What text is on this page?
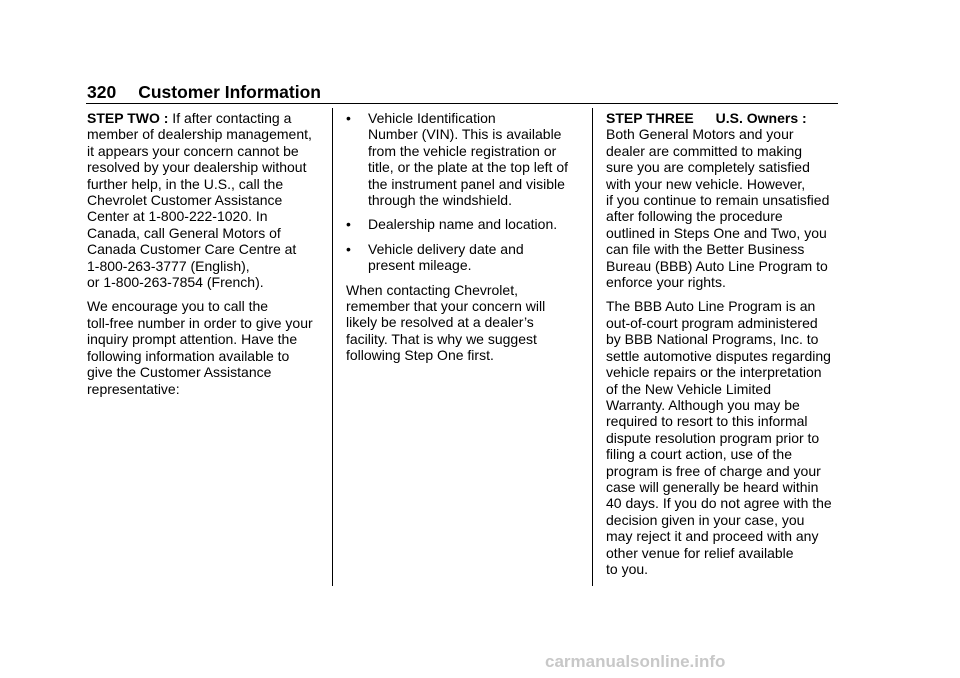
320 Customer Information

STEP TWO : If after contacting a
member of dealership management,
it appears your concern cannot be
resolved by your dealership without
further help, in the U.S., call the
Chevrolet Customer Assistance
Center at 1-800-222-1020. In
Canada, call General Motors of
Canada Customer Care Centre at
1-800-263-3777 (English),
or 1-800-263-7854 (French).

We encourage you to call the
toll-free number in order to give your
inquiry prompt attention. Have the
following information available to
give the Customer Assistance
representative:

• Vehicle Identification
Number (VIN). This is available
from the vehicle registration or
title, or the plate at the top left of
the instrument panel and visible
through the windshield.
• Dealership name and location.
• Vehicle delivery date and
present mileage.

When contacting Chevrolet,
remember that your concern will
likely be resolved at a dealer’s
facility. That is why we suggest
following Step One first.

STEP THREE U.S. Owners :
Both General Motors and your
dealer are committed to making
sure you are completely satisfied
with your new vehicle. However,
if you continue to remain unsatisfied
after following the procedure
outlined in Steps One and Two, you
can file with the Better Business
Bureau (BBB) Auto Line Program to
enforce your rights.

The BBB Auto Line Program is an
out-of-court program administered
by BBB National Programs, Inc. to
settle automotive disputes regarding
vehicle repairs or the interpretation
of the New Vehicle Limited
Warranty. Although you may be
required to resort to this informal
dispute resolution program prior to
filing a court action, use of the
program is free of charge and your
case will generally be heard within
40 days. If you do not agree with the
decision given in your case, you
may reject it and proceed with any
other venue for relief available
to you.

carmanualsonline.info
